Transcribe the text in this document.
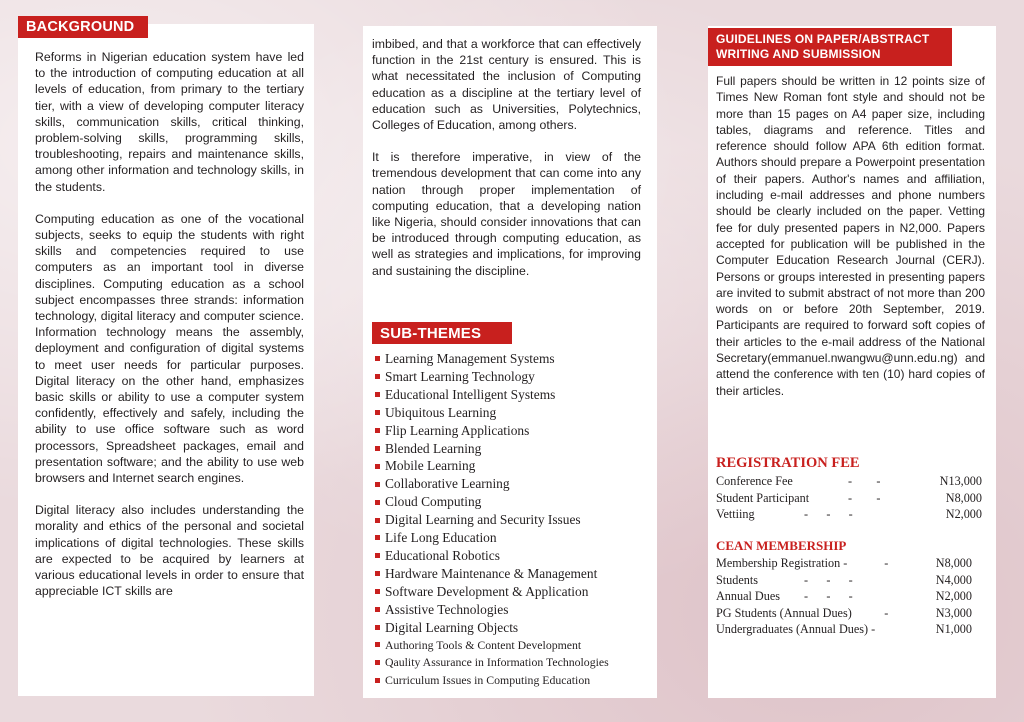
BACKGROUND

Reforms in Nigerian education system have led to the introduction of computing education at all levels of education, from primary to the tertiary tier, with a view of developing computer literacy skills, communication skills, critical thinking, problem-solving skills, programming skills, troubleshooting, repairs and maintenance skills, among other information and technology skills, in the students.

Computing education as one of the vocational subjects, seeks to equip the students with right skills and competencies required to use computers as an important tool in diverse disciplines. Computing education as a school subject encompasses three strands: information technology, digital literacy and computer science. Information technology means the assembly, deployment and configuration of digital systems to meet user needs for particular purposes. Digital literacy on the other hand, emphasizes basic skills or ability to use a computer system confidently, effectively and safely, including the ability to use office software such as word processors, Spreadsheet packages, email and presentation software; and the ability to use web browsers and Internet search engines.

Digital literacy also includes understanding the morality and ethics of the personal and societal implications of digital technologies. These skills are expected to be acquired by learners at various educational levels in order to ensure that appreciable ICT skills are

imbibed, and that a workforce that can effectively function in the 21st century is ensured. This is what necessitated the inclusion of Computing education as a discipline at the tertiary level of education such as Universities, Polytechnics, Colleges of Education, among others.

It is therefore imperative, in view of the tremendous development that can come into any nation through proper implementation of computing education, that a developing nation like Nigeria, should consider innovations that can be introduced through computing education, as well as strategies and implications, for improving and sustaining the discipline.

SUB-THEMES
Learning Management Systems
Smart Learning Technology
Educational Intelligent Systems
Ubiquitous Learning
Flip Learning Applications
Blended Learning
Mobile Learning
Collaborative Learning
Cloud Computing
Digital Learning and Security Issues
Life Long Education
Educational Robotics
Hardware Maintenance & Management
Software Development & Application
Assistive Technologies
Digital Learning Objects
Authoring Tools & Content Development
Qaulity Assurance in Information Technologies
Curriculum Issues in Computing Education
GUIDELINES ON PAPER/ABSTRACT
WRITING AND SUBMISSION
Full papers should be written in 12 points size of Times New Roman font style and should not be more than 15 pages on A4 paper size, including tables, diagrams and reference. Titles and reference should follow APA 6th edition format. Authors should prepare a Powerpoint presentation of their papers. Author's names and affiliation, including e-mail addresses and phone numbers should be clearly included on the paper. Vetting fee for duly presented papers in N2,000. Papers accepted for publication will be published in the Computer Education Research Journal (CERJ). Persons or groups interested in presenting papers are invited to submit abstract of not more than 200 words on or before 20th September, 2019. Participants are required to forward soft copies of their articles to the e-mail address of the National Secretary(emmanuel.nwangwu@unn.edu.ng) and attend the conference with ten (10) hard copies of their articles.
REGISTRATION FEE
Conference Fee	-        -	N13,000
Student Participant	-        -	N8,000
Vettiing	-      -      -	N2,000
CEAN MEMBERSHIP
Membership Registration - -	N8,000
Students	-      -      -	N4,000
Annual Dues -      -      -	N2,000
PG Students (Annual Dues) -	N3,000
Undergraduates (Annual Dues) -	N1,000
